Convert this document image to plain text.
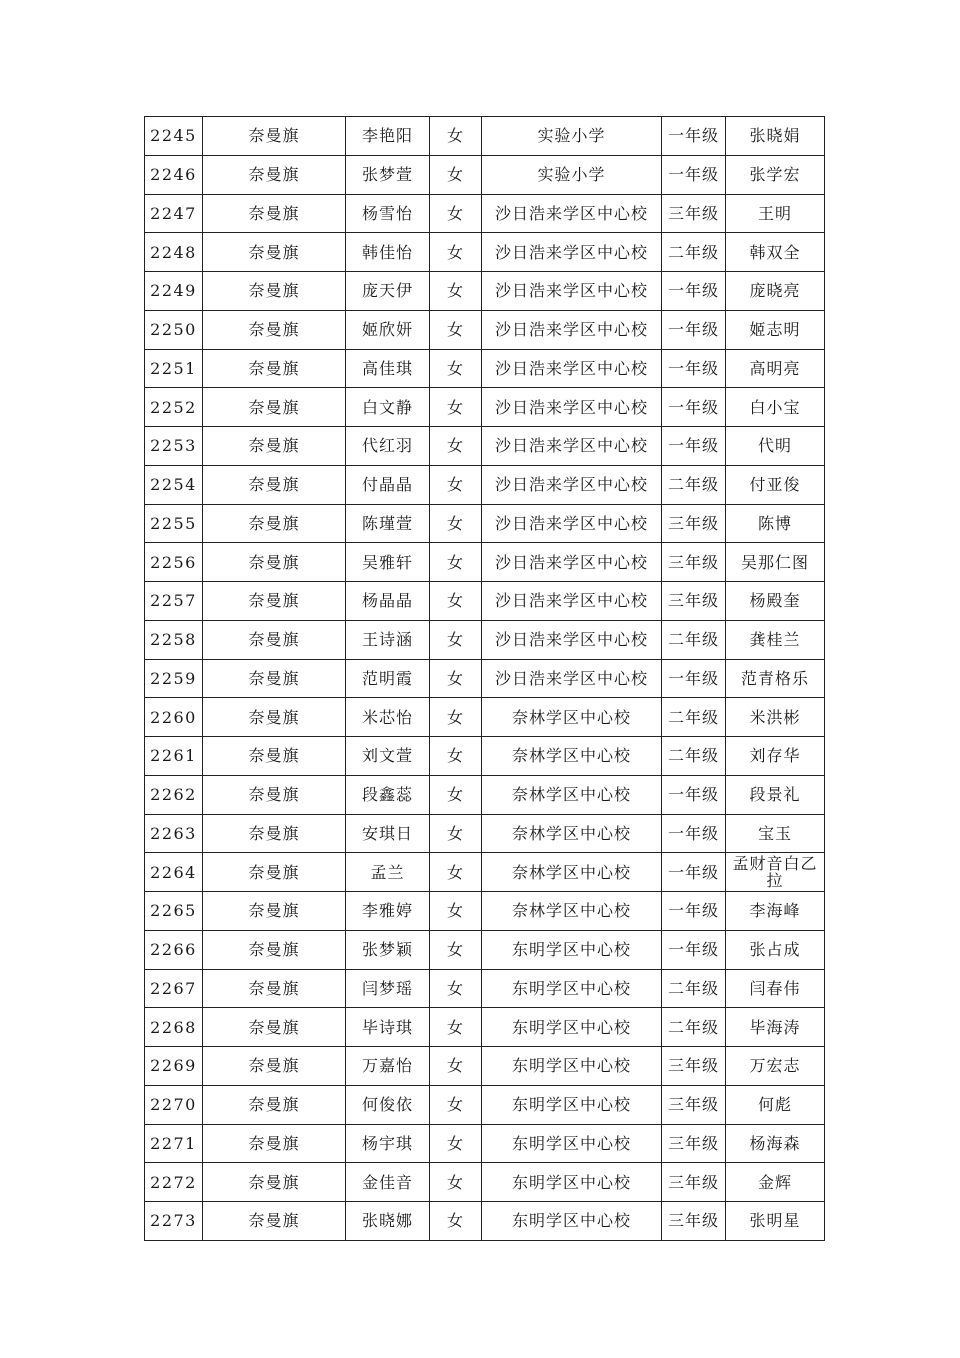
2245	奈曼旗	李艳阳	女	实验小学	一年级	张晓娟
2246	奈曼旗	张梦萱	女	实验小学	一年级	张学宏
2247	奈曼旗	杨雪怡	女	沙日浩来学区中心校	三年级	王明
2248	奈曼旗	韩佳怡	女	沙日浩来学区中心校	二年级	韩双全
2249	奈曼旗	庞天伊	女	沙日浩来学区中心校	一年级	庞晓亮
2250	奈曼旗	姬欣妍	女	沙日浩来学区中心校	一年级	姬志明
2251	奈曼旗	高佳琪	女	沙日浩来学区中心校	一年级	高明亮
2252	奈曼旗	白文静	女	沙日浩来学区中心校	一年级	白小宝
2253	奈曼旗	代红羽	女	沙日浩来学区中心校	一年级	代明
2254	奈曼旗	付晶晶	女	沙日浩来学区中心校	二年级	付亚俊
2255	奈曼旗	陈瑾萱	女	沙日浩来学区中心校	三年级	陈博
2256	奈曼旗	吴雅轩	女	沙日浩来学区中心校	三年级	吴那仁图
2257	奈曼旗	杨晶晶	女	沙日浩来学区中心校	三年级	杨殿奎
2258	奈曼旗	王诗涵	女	沙日浩来学区中心校	二年级	龚桂兰
2259	奈曼旗	范明霞	女	沙日浩来学区中心校	一年级	范青格乐
2260	奈曼旗	米芯怡	女	奈林学区中心校	二年级	米洪彬
2261	奈曼旗	刘文萱	女	奈林学区中心校	二年级	刘存华
2262	奈曼旗	段鑫蕊	女	奈林学区中心校	一年级	段景礼
2263	奈曼旗	安琪日	女	奈林学区中心校	一年级	宝玉
2264	奈曼旗	孟兰	女	奈林学区中心校	一年级	孟财音白乙拉
2265	奈曼旗	李雅婷	女	奈林学区中心校	一年级	李海峰
2266	奈曼旗	张梦颖	女	东明学区中心校	一年级	张占成
2267	奈曼旗	闫梦瑶	女	东明学区中心校	二年级	闫春伟
2268	奈曼旗	毕诗琪	女	东明学区中心校	二年级	毕海涛
2269	奈曼旗	万嘉怡	女	东明学区中心校	三年级	万宏志
2270	奈曼旗	何俊依	女	东明学区中心校	三年级	何彪
2271	奈曼旗	杨宇琪	女	东明学区中心校	三年级	杨海森
2272	奈曼旗	金佳音	女	东明学区中心校	三年级	金辉
2273	奈曼旗	张晓娜	女	东明学区中心校	三年级	张明星
